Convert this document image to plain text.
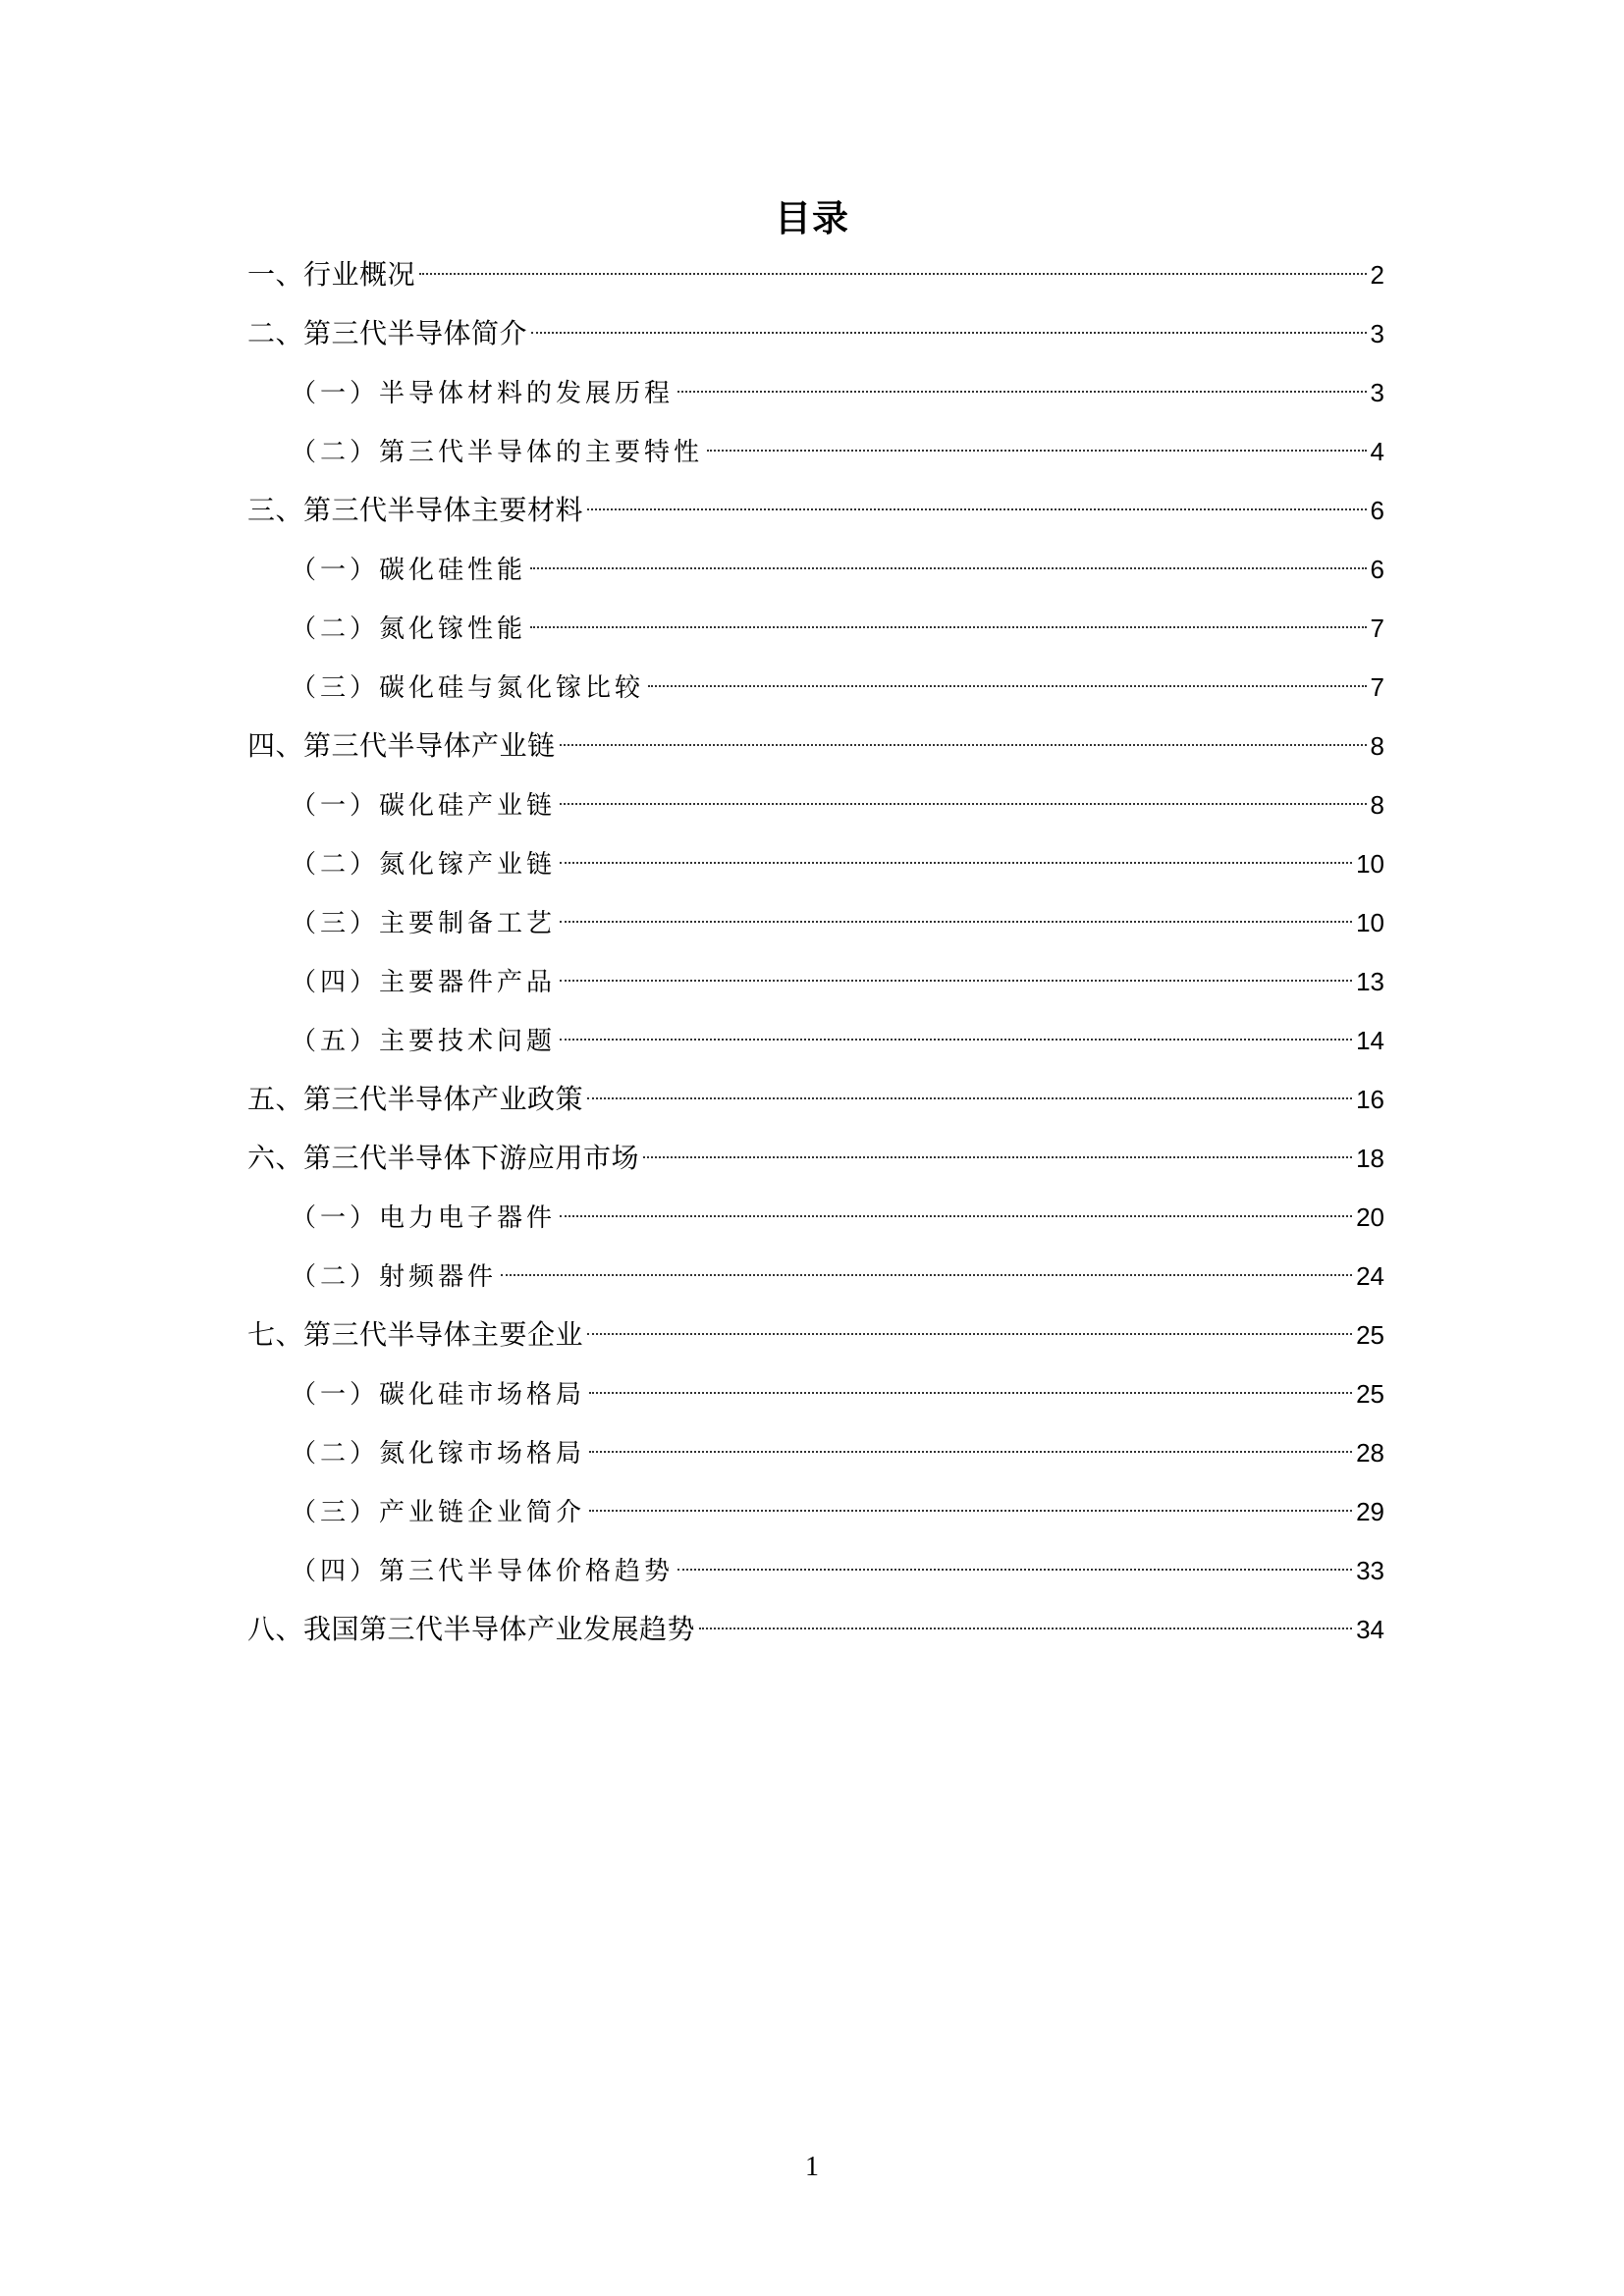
目录
一、行业概况	2
二、第三代半导体简介	3
（一）半导体材料的发展历程	3
（二）第三代半导体的主要特性	4
三、第三代半导体主要材料	6
（一）碳化硅性能	6
（二）氮化镓性能	7
（三）碳化硅与氮化镓比较	7
四、第三代半导体产业链	8
（一）碳化硅产业链	8
（二）氮化镓产业链	10
（三）主要制备工艺	10
（四）主要器件产品	13
（五）主要技术问题	14
五、第三代半导体产业政策	16
六、第三代半导体下游应用市场	18
（一）电力电子器件	20
（二）射频器件	24
七、第三代半导体主要企业	25
（一）碳化硅市场格局	25
（二）氮化镓市场格局	28
（三）产业链企业简介	29
（四）第三代半导体价格趋势	33
八、我国第三代半导体产业发展趋势	34
1
